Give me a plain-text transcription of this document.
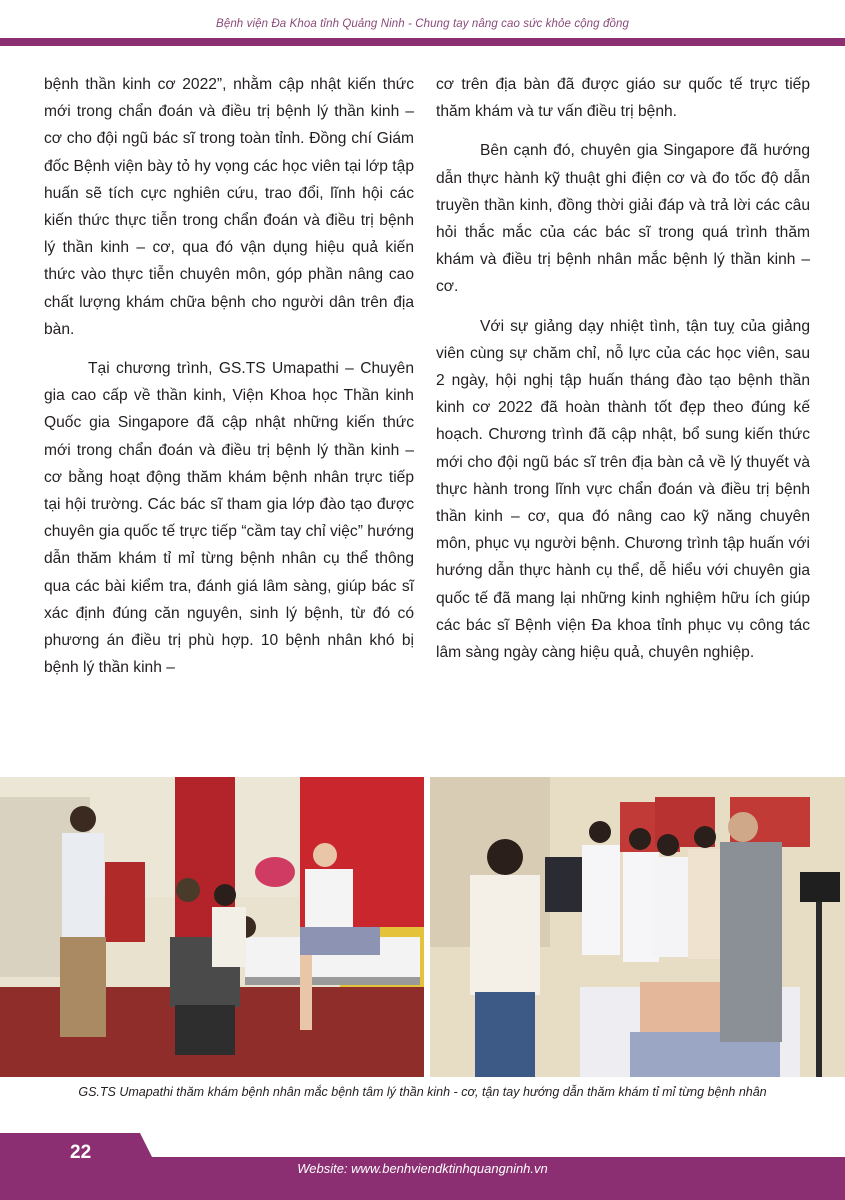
Bệnh viện Đa Khoa tỉnh Quảng Ninh - Chung tay nâng cao sức khỏe cộng đồng

bệnh thần kinh cơ 2022”, nhằm cập nhật kiến thức mới trong chẩn đoán và điều trị bệnh lý thần kinh – cơ cho đội ngũ bác sĩ trong toàn tỉnh. Đồng chí Giám đốc Bệnh viện bày tỏ hy vọng các học viên tại lớp tập huấn sẽ tích cực nghiên cứu, trao đổi, lĩnh hội các kiến thức thực tiễn trong chẩn đoán và điều trị bệnh lý thần kinh – cơ, qua đó vận dụng hiệu quả kiến thức vào thực tiễn chuyên môn, góp phần nâng cao chất lượng khám chữa bệnh cho người dân trên địa bàn.

Tại chương trình, GS.TS Umapathi – Chuyên gia cao cấp về thần kinh, Viện Khoa học Thần kinh Quốc gia Singapore đã cập nhật những kiến thức mới trong chẩn đoán và điều trị bệnh lý thần kinh – cơ bằng hoạt động thăm khám bệnh nhân trực tiếp tại hội trường. Các bác sĩ tham gia lớp đào tạo được chuyên gia quốc tế trực tiếp “cầm tay chỉ việc” hướng dẫn thăm khám tỉ mỉ từng bệnh nhân cụ thể thông qua các bài kiểm tra, đánh giá lâm sàng, giúp bác sĩ xác định đúng căn nguyên, sinh lý bệnh, từ đó có phương án điều trị phù hợp. 10 bệnh nhân khó bị bệnh lý thần kinh –

cơ trên địa bàn đã được giáo sư quốc tế trực tiếp thăm khám và tư vấn điều trị bệnh.

Bên cạnh đó, chuyên gia Singapore đã hướng dẫn thực hành kỹ thuật ghi điện cơ và đo tốc độ dẫn truyền thần kinh, đồng thời giải đáp và trả lời các câu hỏi thắc mắc của các bác sĩ trong quá trình thăm khám và điều trị bệnh nhân mắc bệnh lý thần kinh – cơ.

Với sự giảng dạy nhiệt tình, tận tuỵ của giảng viên cùng sự chăm chỉ, nỗ lực của các học viên, sau 2 ngày, hội nghị tập huấn tháng đào tạo bệnh thần kinh cơ 2022 đã hoàn thành tốt đẹp theo đúng kế hoạch. Chương trình đã cập nhật, bổ sung kiến thức mới cho đội ngũ bác sĩ trên địa bàn cả về lý thuyết và thực hành trong lĩnh vực chẩn đoán và điều trị bệnh thần kinh – cơ, qua đó nâng cao kỹ năng chuyên môn, phục vụ người bệnh. Chương trình tập huấn với hướng dẫn thực hành cụ thể, dễ hiểu với chuyên gia quốc tế đã mang lại những kinh nghiệm hữu ích giúp các bác sĩ Bệnh viện Đa khoa tỉnh phục vụ công tác lâm sàng ngày càng hiệu quả, chuyên nghiệp.

GS.TS Umapathi thăm khám bệnh nhân mắc bệnh tâm lý thần kinh - cơ, tận tay hướng dẫn thăm khám tỉ mỉ từng bệnh nhân
22
Website: www.benhviendktinhquangninh.vn
